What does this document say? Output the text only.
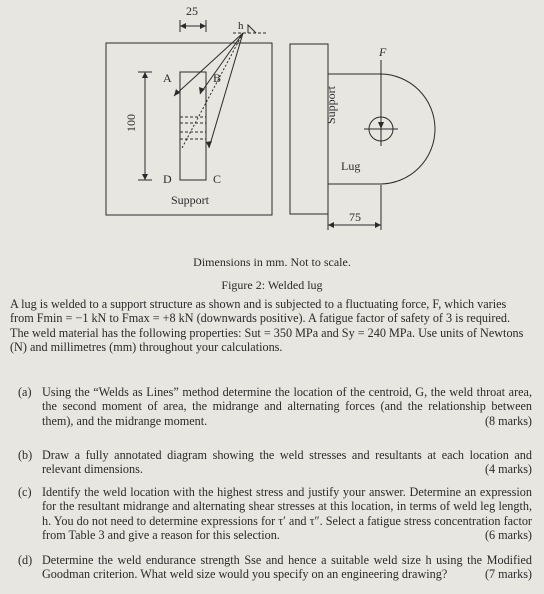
25
100
75
h
A	B
C
D
F
Support
Support
Lug
Dimensions in mm. Not to scale.
Figure 2: Welded lug
A lug is welded to a support structure as shown and is subjected to a fluctuating force, F, which varies
from Fmin = −1 kN to Fmax = +8 kN (downwards positive). A fatigue factor of safety of 3 is required.
The weld material has the following properties: Sut = 350 MPa and Sy = 240 MPa. Use units of Newtons
(N) and millimetres (mm) throughout your calculations.
(a) Using the “Welds as Lines” method determine the location of the centroid, G, the weld throat area, the second moment of area, the midrange and alternating forces (and the relationship between them), and the midrange moment.	(8 marks)
(b) Draw a fully annotated diagram showing the weld stresses and resultants at each location and relevant dimensions.	(4 marks)
(c) Identify the weld location with the highest stress and justify your answer. Determine an expression for the resultant midrange and alternating shear stresses at this location, in terms of weld leg length, h. You do not need to determine expressions for τ′ and τ″. Select a fatigue stress concentration factor from Table 3 and give a reason for this selection.	(6 marks)
(d) Determine the weld endurance strength Sse and hence a suitable weld size h using the Modified Goodman criterion. What weld size would you specify on an engineering drawing?	(7 marks)
